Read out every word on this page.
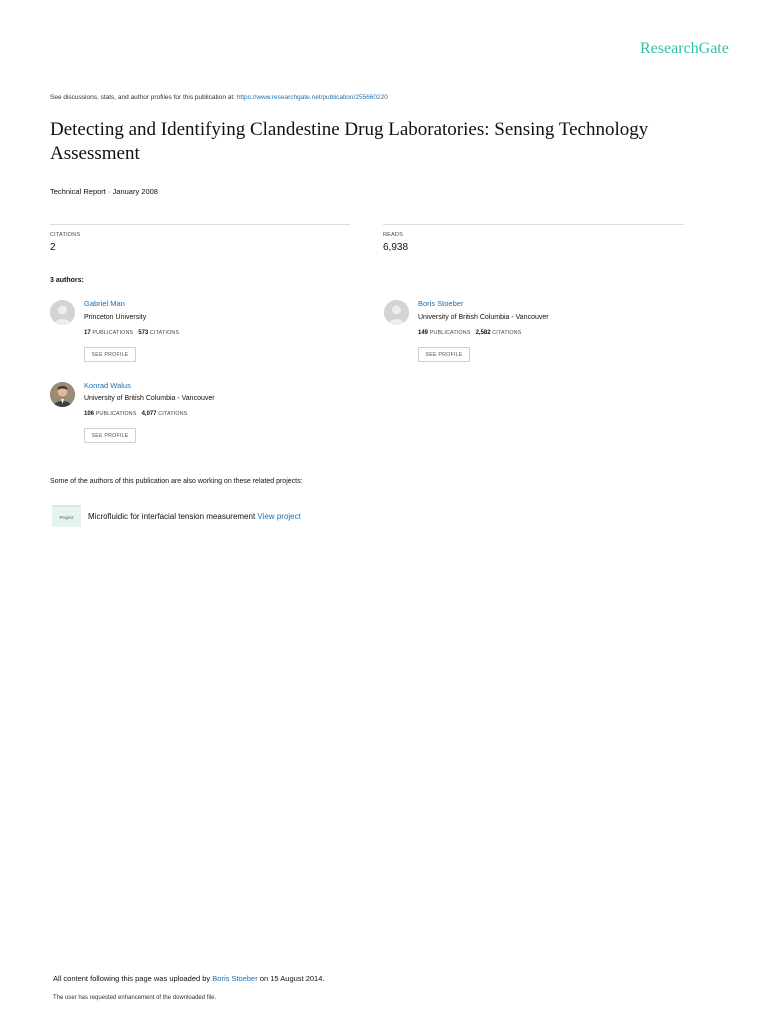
ResearchGate
See discussions, stats, and author profiles for this publication at: https://www.researchgate.net/publication/255660220
Detecting and Identifying Clandestine Drug Laboratories: Sensing Technology Assessment
Technical Report · January 2008
CITATIONS
2
READS
6,938
3 authors:
Gabriel Man
Princeton University
17 PUBLICATIONS 573 CITATIONS
SEE PROFILE
Boris Stoeber
University of British Columbia - Vancouver
149 PUBLICATIONS 2,582 CITATIONS
SEE PROFILE
Konrad Walus
University of British Columbia - Vancouver
106 PUBLICATIONS 4,077 CITATIONS
SEE PROFILE
Some of the authors of this publication are also working on these related projects:
Project	Microfluidic for interfacial tension measurement View project
All content following this page was uploaded by Boris Stoeber on 15 August 2014.
The user has requested enhancement of the downloaded file.
